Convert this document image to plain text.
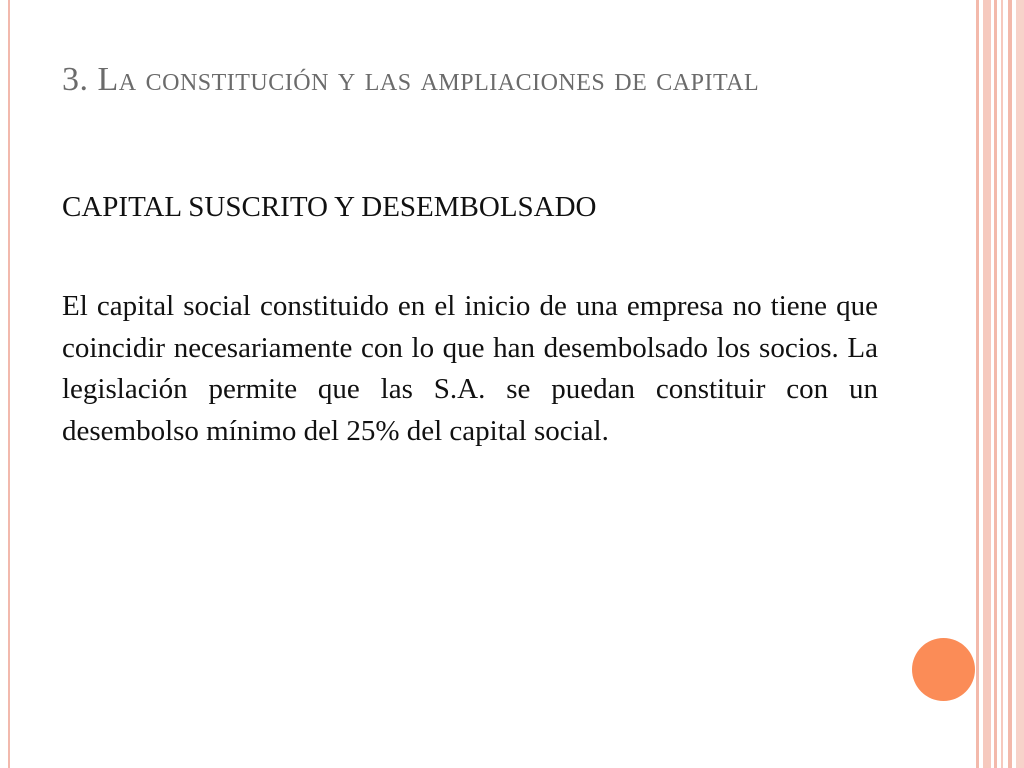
3. La constitución y las ampliaciones de capital
CAPITAL SUSCRITO Y DESEMBOLSADO
El capital social constituido en el inicio de una empresa no tiene que coincidir necesariamente con lo que han desembolsado los socios. La legislación permite que las S.A. se puedan constituir con un desembolso mínimo del 25% del capital social.
